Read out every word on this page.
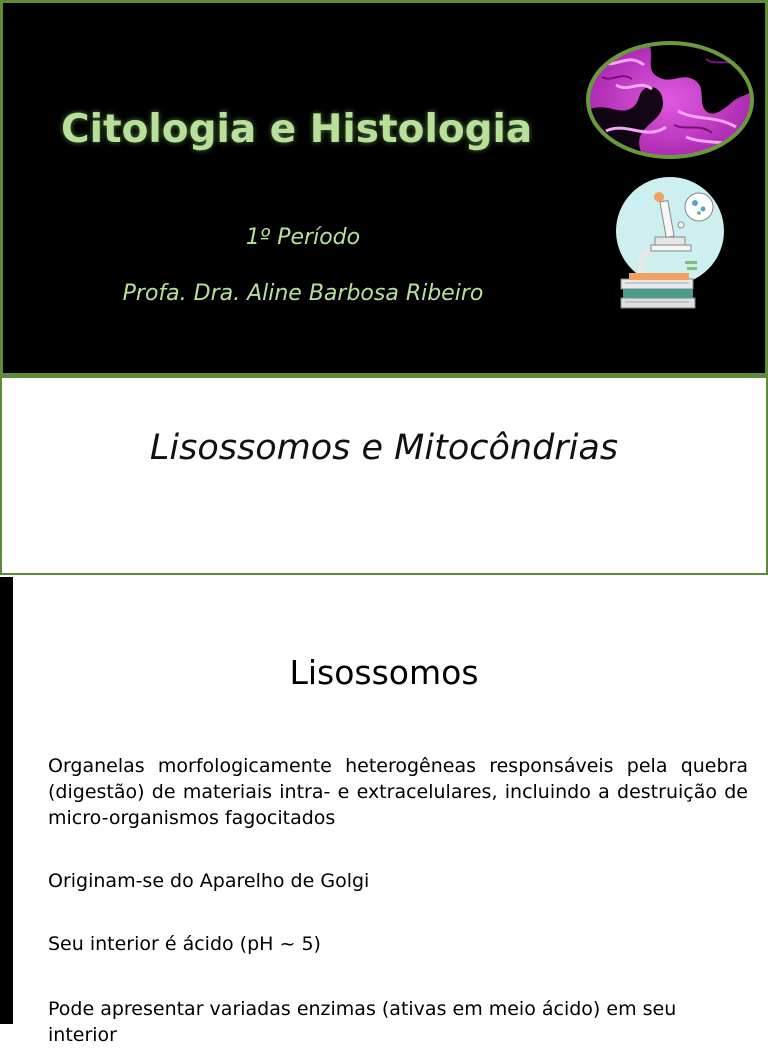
Citologia e Histologia
1º Período
Profa. Dra. Aline Barbosa Ribeiro
Lisossomos e Mitocôndrias
Lisossomos

Organelas morfologicamente heterogêneas responsáveis pela quebra (digestão) de materiais intra- e extracelulares, incluindo a destruição de micro-organismos fagocitados

Originam-se do Aparelho de Golgi

Seu interior é ácido (pH ~ 5)

Pode apresentar variadas enzimas (ativas em meio ácido) em seu interior
